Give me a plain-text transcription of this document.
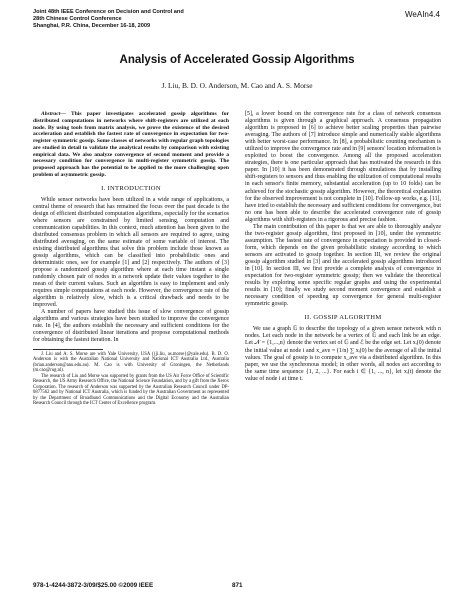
Joint 48th IEEE Conference on Decision and Control and
28th Chinese Control Conference
Shanghai, P.R. China, December 16-18, 2009
WeAIn4.4
Analysis of Accelerated Gossip Algorithms
J. Liu, B. D. O. Anderson, M. Cao and A. S. Morse

Abstract— This paper investigates accelerated gossip algorithms for distributed computations in networks where shift-registers are utilized at each node. By using tools from matrix analysis, we prove the existence of the desired acceleration and establish the fastest rate of convergence in expectation for two-register symmetric gossip. Some classes of networks with regular graph topologies are studied in detail to validate the analytical results by comparison with existing empirical data. We also analyze convergence of second moment and provide a necessary condition for convergence in multi-register symmetric gossip. The proposed approach has the potential to be applied to the more challenging open problem of asymmetric gossip.

I. INTRODUCTION

While sensor networks have been utilized in a wide range of applications, a central theme of research that has remained the focus over the past decade is the design of efficient distributed computation algorithms, especially for the scenarios where sensors are constrained by limited sensing, computation and communication capabilities. In this context, much attention has been given to the distributed consensus problem in which all sensors are required to agree, using distributed averaging, on the same estimate of some variable of interest. The existing distributed algorithms that solve this problem include those known as gossip algorithms, which can be classified into probabilistic ones and deterministic ones, see for example [1] and [2] respectively. The authors of [3] propose a randomized gossip algorithm where at each time instant a single randomly chosen pair of nodes in a network update their values together to the mean of their current values. Such an algorithm is easy to implement and only requires simple computations at each node. However, the convergence rate of the algorithm is relatively slow, which is a critical drawback and needs to be improved.

A number of papers have studied this issue of slow convergence of gossip algorithms and various strategies have been studied to improve the convergence rate. In [4], the authors establish the necessary and sufficient conditions for the convergence of distributed linear iterations and propose computational methods for obtaining the fastest iteration. In

J. Liu and A. S. Morse are with Yale University, USA ({ji.liu, as.morse}@yale.edu). B. D. O. Anderson is with the Australian National University and National ICT Australia Ltd., Australia (brian.anderson@anu.edu.au). M. Cao is with University of Groningen, the Netherlands (m.cao@rug.nl).

The research of Liu and Morse was supported by grants from the US Air Force Office of Scientific Research, the US Army Research Office, the National Science Foundation, and by a gift from the Xerox Corporation. The research of Anderson was supported by the Australian Research Council under DP-0877562 and by National ICT Australia, which is funded by the Australian Government as represented by the Department of Broadband Communications and the Digital Economy and the Australian Research Council through the ICT Center of Excellence program.

[5], a lower bound on the convergence rate for a class of network consensus algorithms is given through a graphical approach. A consensus propagation algorithm is proposed in [6] to achieve better scaling properties than pairwise averaging. The authors of [7] introduce simple and numerically stable algorithms with better worst-case performance. In [8], a probabilistic counting mechanism is utilized to improve the convergence rate and in [9] sensors' location information is exploited to boost the convergence. Among all the proposed acceleration strategies, there is one particular approach that has motivated the research in this paper. In [10] it has been demonstrated through simulations that by installing shift-registers to sensors and thus enabling the utilization of computational results in each sensor's finite memory, substantial acceleration (up to 10 folds) can be achieved for the stochastic gossip algorithm. However, the theoretical explanation for the observed improvement is not complete in [10]. Follow-up works, e.g. [11], have tried to establish the necessary and sufficient conditions for convergence, but no one has been able to describe the accelerated convergence rate of gossip algorithms with shift-registers in a rigorous and precise fashion.

The main contribution of this paper is that we are able to thoroughly analyze the two-register gossip algorithm, first proposed in [10], under the symmetric assumption. The fastest rate of convergence in expectation is provided in closed-form, which depends on the given probabilistic strategy according to which sensors are activated to gossip together. In section III, we review the original gossip algorithm studied in [3] and the accelerated gossip algorithms introduced in [10]. In section III, we first provide a complete analysis of convergence in expectation for two-register symmetric gossip; then we validate the theoretical results by exploring some specific regular graphs and using the experimental results in [10]; finally we study second moment convergence and establish a necessary condition of speeding up convergence for general multi-register symmetric gossip.

II. GOSSIP ALGORITHM

We use a graph 𝔾 to describe the topology of a given sensor network with n nodes. Let each node in the network be a vertex of 𝔾 and each link be an edge. Let 𝒩 = {1,...,n} denote the vertex set of 𝔾 and ℰ be the edge set. Let xᵢ(0) denote the initial value at node i and x_ave = (1/n) ∑ xᵢ(0) be the average of all the initial values. The goal of gossip is to compute x_ave via a distributed algorithm. In this paper, we use the synchronous model; in other words, all nodes act according to the same time sequence {1, 2, ...}. For each i ∈ {1, ..., n}, let xᵢ(t) denote the value of node i at time t.

978-1-4244-3872-3/09/$25.00 ©2009 IEEE	871
